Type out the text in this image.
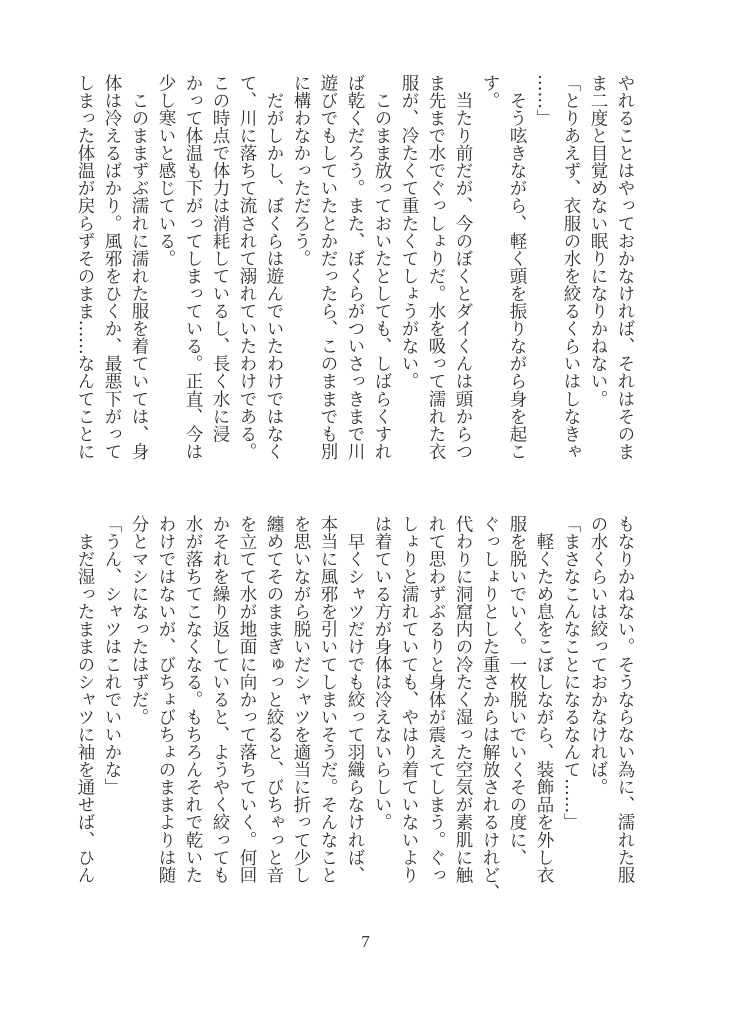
やれることはやっておかなければ、それはそのま

ま二度と目覚めない眠りになりかねない。

「とりあえず、衣服の水を絞るくらいはしなきゃ

……」

　そう呟きながら、軽く頭を振りながら身を起こ

す。

　当たり前だが、今のぼくとダイくんは頭からつ

ま先まで水でぐっしょりだ。水を吸って濡れた衣

服が、冷たくて重たくてしょうがない。

　このまま放っておいたとしても、しばらくすれ

ば乾くだろう。また、ぼくらがついさっきまで川

遊びでもしていたとかだったら、このままでも別

に構わなかっただろう。

　だがしかし、ぼくらは遊んでいたわけではなく

て、川に落ちて流されて溺れていたわけである。

この時点で体力は消耗しているし、長く水に浸

かって体温も下がってしまっている。正直、今は

少し寒いと感じている。

　このままずぶ濡れに濡れた服を着ていては、身

体は冷えるばかり。風邪をひくか、最悪下がって

しまった体温が戻らずそのまま……なんてことに

もなりかねない。そうならない為に、濡れた服

の水くらいは絞っておかなければ。

「まさなこんなことになるなんて……」

　軽くため息をこぼしながら、装飾品を外し衣

服を脱いでいく。一枚脱いでいくその度に、

ぐっしょりとした重さからは解放されるけれど、

代わりに洞窟内の冷たく湿った空気が素肌に触

れて思わずぶるりと身体が震えてしまう。ぐっ

しょりと濡れていても、やはり着ていないより

は着ている方が身体は冷えないらしい。

　早くシャツだけでも絞って羽織らなければ、

本当に風邪を引いてしまいそうだ。そんなこと

を思いながら脱いだシャツを適当に折って少し

纏めてそのままぎゅっと絞ると、びちゃっと音

を立てて水が地面に向かって落ちていく。何回

かそれを繰り返していると、ようやく絞っても

水が落ちてこなくなる。もちろんそれで乾いた

わけではないが、びちょびちょのままよりは随

分とマシになったはずだ。

「うん、シャツはこれでいいかな」

　まだ湿ったままのシャツに袖を通せば、ひん

7
